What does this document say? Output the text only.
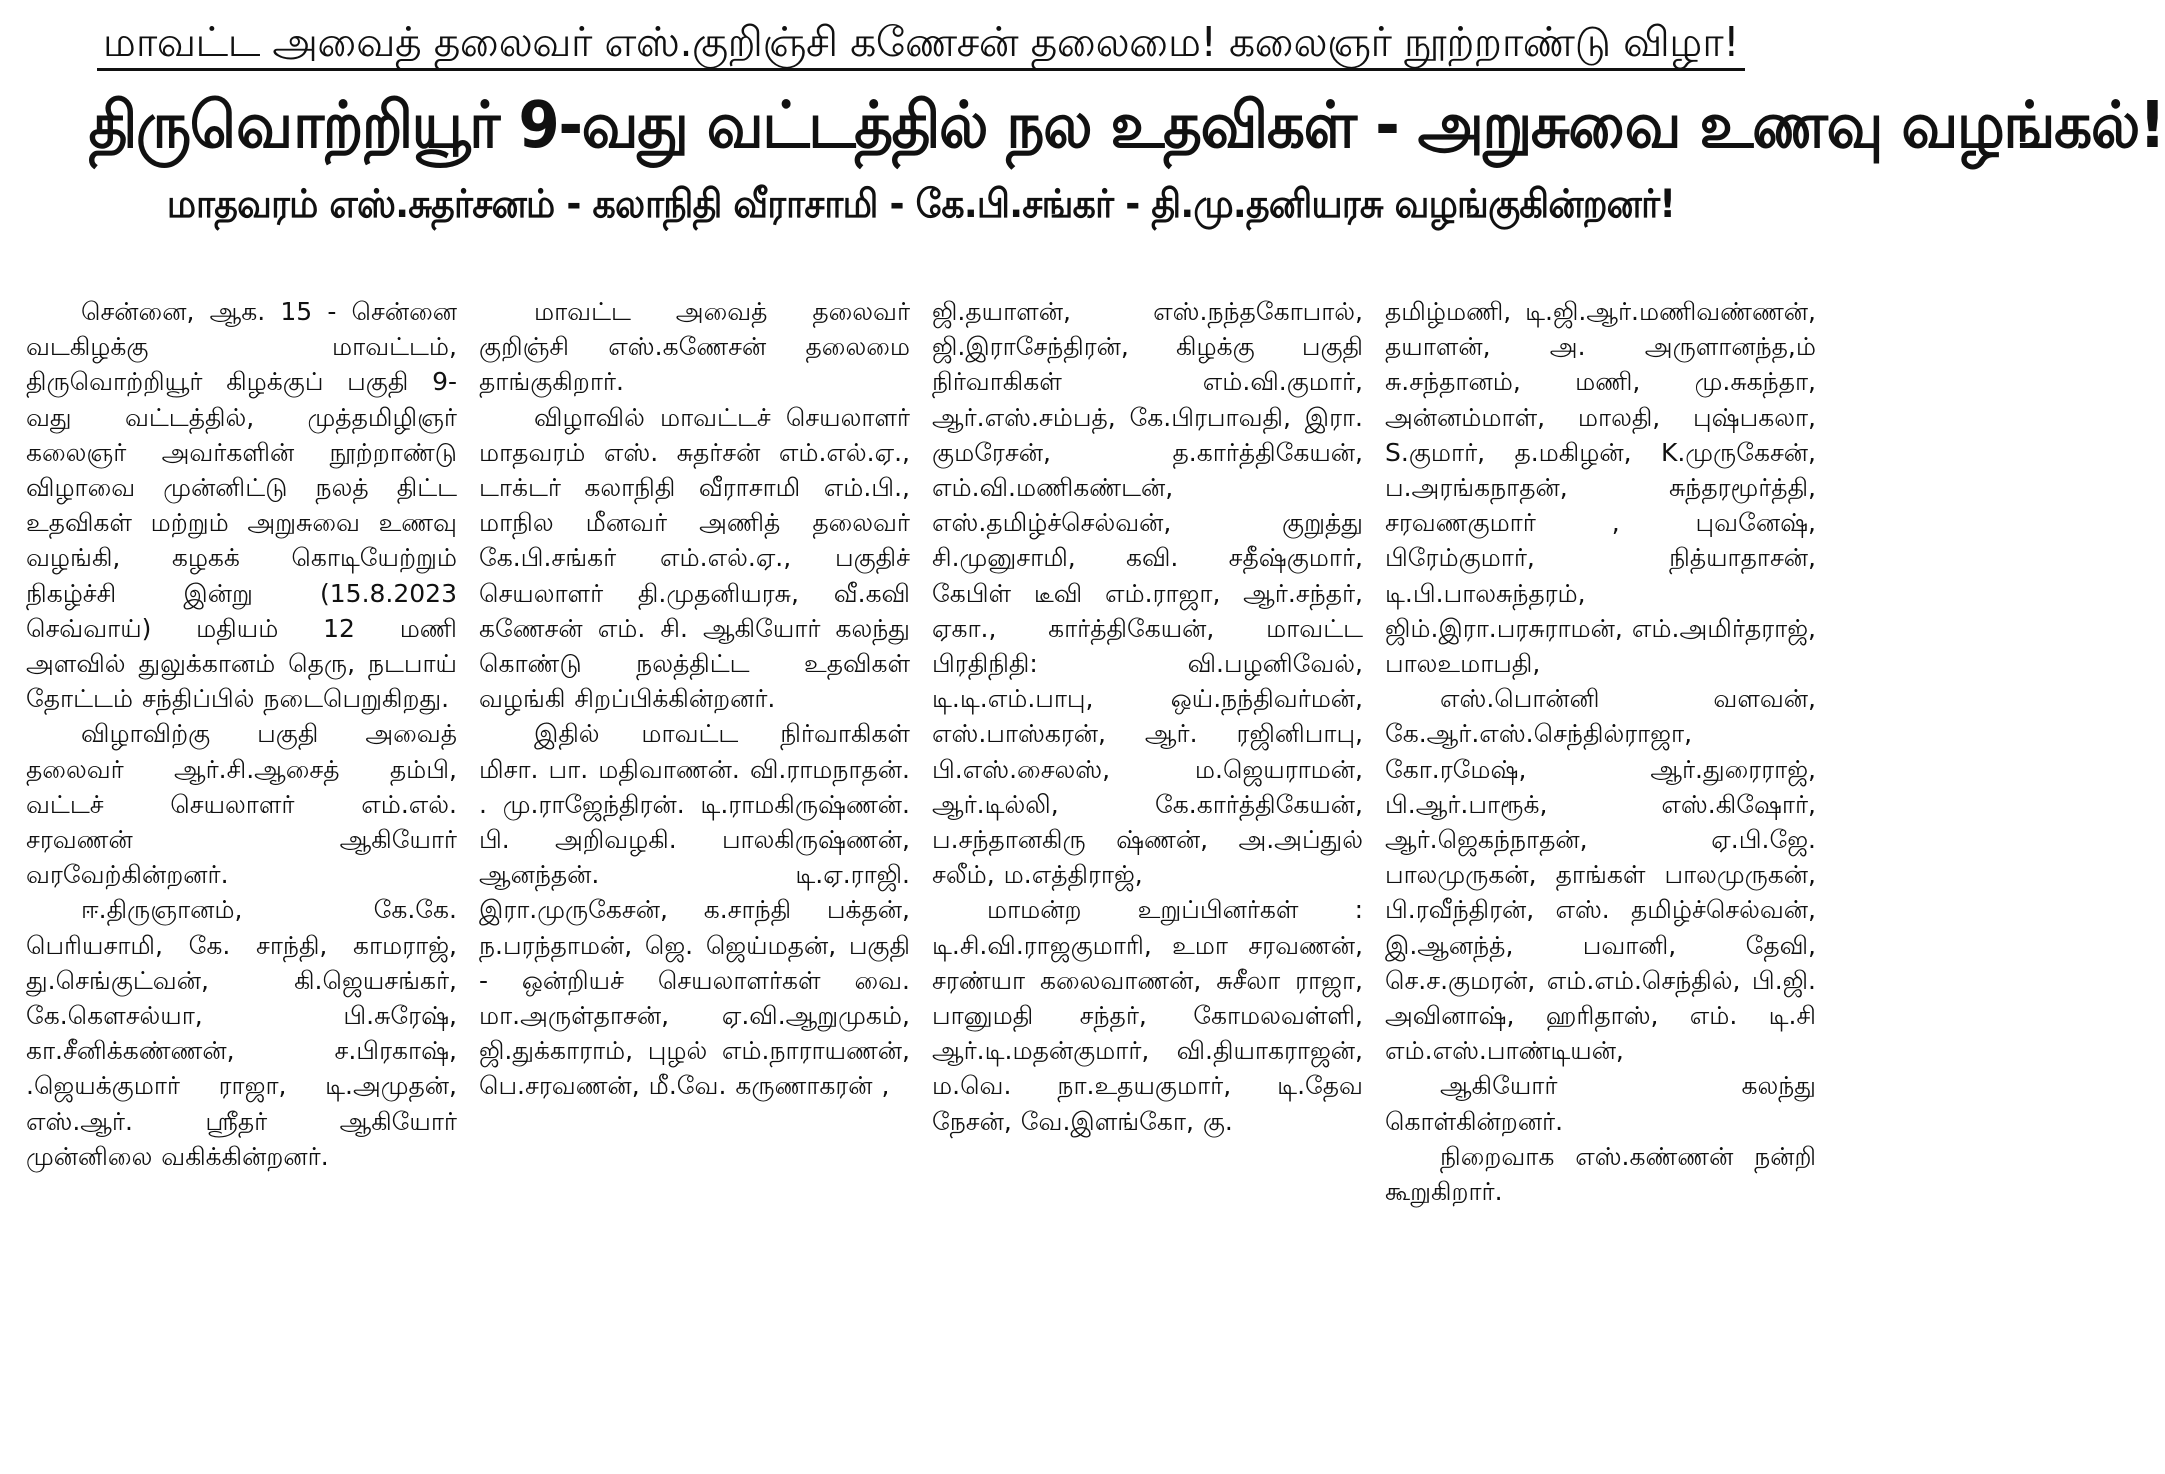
மாவட்ட அவைத் தலைவர் எஸ்.குறிஞ்சி கணேசன் தலைமை! கலைஞர் நூற்றாண்டு விழா!
திருவொற்றியூர் 9-வது வட்டத்தில் நல உதவிகள் - அறுசுவை உணவு வழங்கல்!
மாதவரம் எஸ்.சுதர்சனம் - கலாநிதி வீராசாமி - கே.பி.சங்கர் - தி.மு.தனியரசு வழங்குகின்றனர்!

சென்னை, ஆக. 15 - சென்னை வடகிழக்கு மாவட்டம், திருவொற்றியூர் கிழக்குப் பகுதி 9-வது வட்டத்தில், முத்தமிழிஞர் கலைஞர் அவர்களின் நூற்றாண்டு விழாவை முன்னிட்டு நலத் திட்ட உதவிகள் மற்றும் அறுசுவை உணவு வழங்கி, கழகக் கொடியேற்றும் நிகழ்ச்சி இன்று (15.8.2023 செவ்வாய்) மதியம் 12 மணி அளவில் துலுக்கானம் தெரு, நடபாய் தோட்டம் சந்திப்பில் நடைபெறுகிறது.

விழாவிற்கு பகுதி அவைத் தலைவர் ஆர்.சி.ஆசைத் தம்பி, வட்டச் செயலாளர் எம்.எல். சரவணன் ஆகியோர் வரவேற்கின்றனர்.

ஈ.திருஞானம், கே.கே. பெரியசாமி, கே. சாந்தி, காமராஜ், து.செங்குட்வன், கி.ஜெயசங்கர், கே.கௌசல்யா, பி.சுரேஷ், கா.சீனிக்கண்ணன், ச.பிரகாஷ், .ஜெயக்குமார் ராஜா, டி.அமுதன், எஸ்.ஆர். ஸ்ரீதர் ஆகியோர் முன்னிலை வகிக்கின்றனர்.

மாவட்ட அவைத் தலைவர் குறிஞ்சி எஸ்.கணேசன் தலைமை தாங்குகிறார்.

விழாவில் மாவட்டச் செயலாளர் மாதவரம் எஸ். சுதர்சன் எம்.எல்.ஏ., டாக்டர் கலாநிதி வீராசாமி எம்.பி., மாநில மீனவர் அணித் தலைவர் கே.பி.சங்கர் எம்.எல்.ஏ., பகுதிச் செயலாளர் தி.முதனியரசு, வீ.கவி கணேசன் எம். சி. ஆகியோர் கலந்து கொண்டு நலத்திட்ட உதவிகள் வழங்கி சிறப்பிக்கின்றனர்.

இதில் மாவட்ட நிர்வாகிகள் மிசா. பா. மதிவாணன். வி.ராமநாதன். . மு.ராஜேந்திரன். டி.ராமகிருஷ்ணன். பி. அறிவழகி. பாலகிருஷ்ணன், ஆனந்தன். டி.ஏ.ராஜி. இரா.முருகேசன், க.சாந்தி பக்தன், ந.பரந்தாமன், ஜெ. ஜெய்மதன், பகுதி - ஒன்றியச் செயலாளர்கள் வை. மா.அருள்தாசன், ஏ.வி.ஆறுமுகம், ஜி.துக்காராம், புழல் எம்.நாராயணன், பெ.சரவணன், மீ.வே. கருணாகரன் ,

ஜி.தயாளன், எஸ்.நந்தகோபால், ஜி.இராசேந்திரன், கிழக்கு பகுதி நிர்வாகிகள் எம்.வி.குமார், ஆர்.எஸ்.சம்பத், கே.பிரபாவதி, இரா. குமரேசன், த.கார்த்திகேயன், எம்.வி.மணிகண்டன், எஸ்.தமிழ்ச்செல்வன், குறுத்து சி.முனுசாமி, கவி. சதீஷ்குமார், கேபிள் டீவி எம்.ராஜா, ஆர்.சந்தர், ஏகா., கார்த்திகேயன், மாவட்ட பிரதிநிதி: வி.பழனிவேல், டி.டி.எம்.பாபு, ஒய்.நந்திவர்மன், எஸ்.பாஸ்கரன், ஆர். ரஜினிபாபு, பி.எஸ்.சைலஸ், ம.ஜெயராமன், ஆர்.டில்லி, கே.கார்த்திகேயன், ப.சந்தானகிரு ஷ்ணன், அ.அப்துல் சலீம், ம.எத்திராஜ்,

மாமன்ற உறுப்பினர்கள் : டி.சி.வி.ராஜகுமாரி, உமா சரவணன், சரண்யா கலைவாணன், சுசீலா ராஜா, பானுமதி சந்தர், கோமலவள்ளி, ஆர்.டி.மதன்குமார், வி.தியாகராஜன், ம.வெ. நா.உதயகுமார், டி.தேவ நேசன், வே.இளங்கோ, கு.

தமிழ்மணி, டி.ஜி.ஆர்.மணிவண்ணன், தயாளன், அ. அருளானந்த,ம் சு.சந்தானம், மணி, மு.சுகந்தா, அன்னம்மாள், மாலதி, புஷ்பகலா, S.குமார், த.மகிழன், K.முருகேசன், ப.அரங்கநாதன், சுந்தரமூர்த்தி, சரவணகுமார் , புவனேஷ், பிரேம்குமார், நித்யாதாசன், டி.பி.பாலசுந்தரம், ஜிம்.இரா.பரசுராமன், எம்.அமிர்தராஜ், பாலஉமாபதி,

எஸ்.பொன்னி வளவன், கே.ஆர்.எஸ்.செந்தில்ராஜா, கோ.ரமேஷ், ஆர்.துரைராஜ், பி.ஆர்.பாரூக், எஸ்.கிஷோர், ஆர்.ஜெகந்நாதன், ஏ.பி.ஜே. பாலமுருகன், தாங்கள் பாலமுருகன், பி.ரவீந்திரன், எஸ். தமிழ்ச்செல்வன், இ.ஆனந்த், பவானி, தேவி, செ.ச.குமரன், எம்.எம்.செந்தில், பி.ஜி. அவினாஷ், ஹரிதாஸ், எம். டி.சி எம்.எஸ்.பாண்டியன்,

ஆகியோர் கலந்து கொள்கின்றனர்.

நிறைவாக எஸ்.கண்ணன் நன்றி கூறுகிறார்.
